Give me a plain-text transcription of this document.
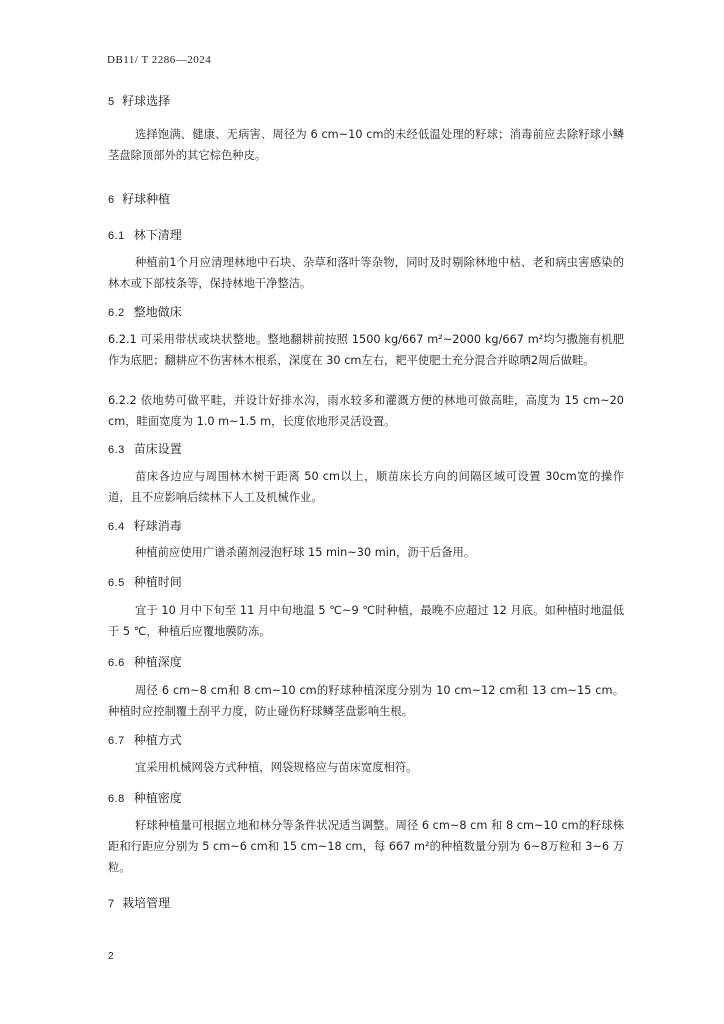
DB11/ T 2286—2024
5 籽球选择
选择饱满、健康、无病害、周径为 6 cm~10 cm的未经低温处理的籽球；消毒前应去除籽球小鳞茎盘除顶部外的其它棕色种皮。
6 籽球种植
6.1 林下清理
种植前1个月应清理林地中石块、杂草和落叶等杂物，同时及时剔除林地中枯、老和病虫害感染的林木或下部枝条等，保持林地干净整洁。
6.2 整地做床
6.2.1 可采用带状或块状整地。整地翻耕前按照 1500 kg/667 m²~2000 kg/667 m²均匀撒施有机肥作为底肥；翻耕应不伤害林木根系，深度在 30 cm左右，耙平使肥土充分混合并晾晒2周后做畦。
6.2.2 依地势可做平畦，并设计好排水沟，雨水较多和灌溉方便的林地可做高畦，高度为 15 cm~20 cm，畦面宽度为 1.0 m~1.5 m，长度依地形灵活设置。
6.3 苗床设置
苗床各边应与周围林木树干距离 50 cm以上，顺苗床长方向的间隔区域可设置 30cm宽的操作道，且不应影响后续林下人工及机械作业。
6.4 籽球消毒
种植前应使用广谱杀菌剂浸泡籽球 15 min~30 min，沥干后备用。
6.5 种植时间
宜于 10 月中下旬至 11 月中旬地温 5 ℃~9 ℃时种植，最晚不应超过 12 月底。如种植时地温低于 5 ℃，种植后应覆地膜防冻。
6.6 种植深度
周径 6 cm~8 cm和 8 cm~10 cm的籽球种植深度分别为 10 cm~12 cm和 13 cm~15 cm。种植时应控制覆土刮平力度，防止碰伤籽球鳞茎盘影响生根。
6.7 种植方式
宜采用机械网袋方式种植，网袋规格应与苗床宽度相符。
6.8 种植密度
籽球种植量可根据立地和林分等条件状况适当调整。周径 6 cm~8 cm 和 8 cm~10 cm的籽球株距和行距应分别为 5 cm~6 cm和 15 cm~18 cm，每 667 m²的种植数量分别为 6~8万粒和 3~6 万粒。
7 栽培管理
2
